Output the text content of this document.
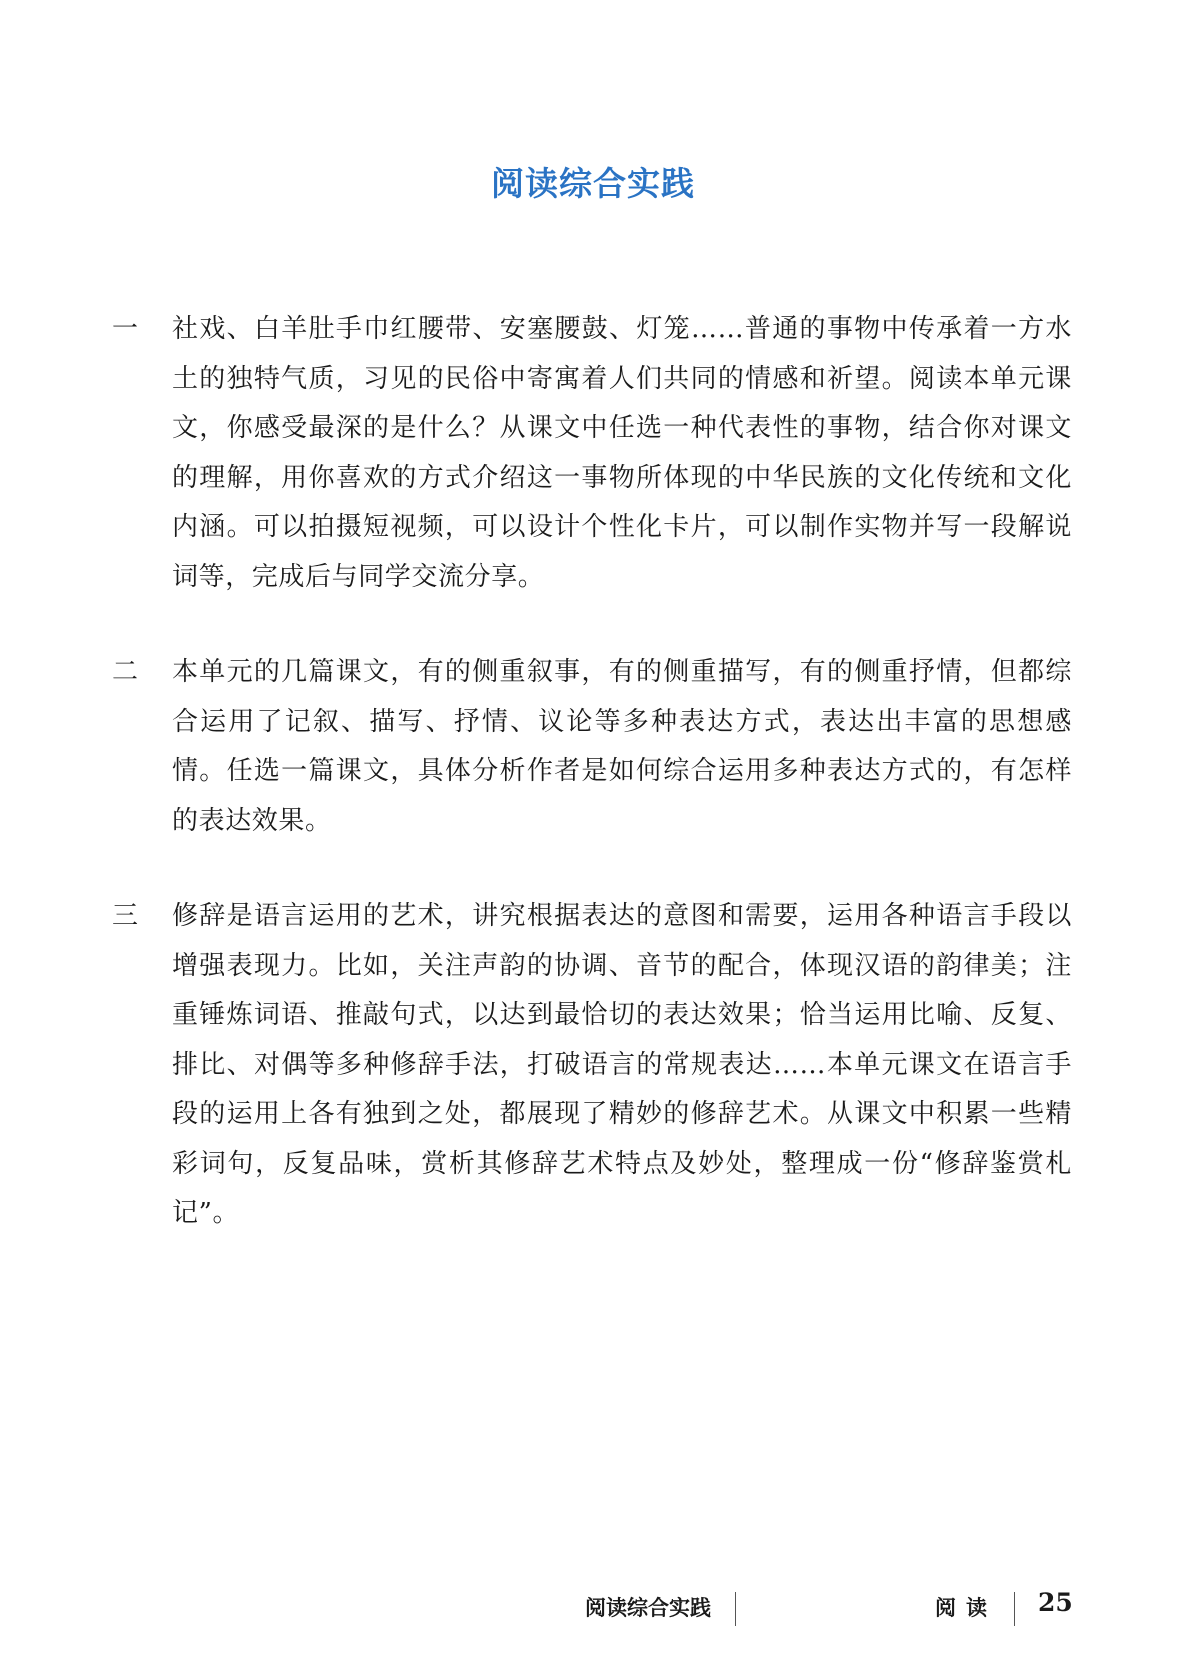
阅读综合实践
一	社戏、白羊肚手巾红腰带、安塞腰鼓、灯笼……普通的事物中传承着一方水土的独特气质，习见的民俗中寄寓着人们共同的情感和祈望。阅读本单元课文，你感受最深的是什么？从课文中任选一种代表性的事物，结合你对课文的理解，用你喜欢的方式介绍这一事物所体现的中华民族的文化传统和文化内涵。可以拍摄短视频，可以设计个性化卡片，可以制作实物并写一段解说词等，完成后与同学交流分享。

二	本单元的几篇课文，有的侧重叙事，有的侧重描写，有的侧重抒情，但都综合运用了记叙、描写、抒情、议论等多种表达方式，表达出丰富的思想感情。任选一篇课文，具体分析作者是如何综合运用多种表达方式的，有怎样的表达效果。

三	修辞是语言运用的艺术，讲究根据表达的意图和需要，运用各种语言手段以增强表现力。比如，关注声韵的协调、音节的配合，体现汉语的韵律美；注重锤炼词语、推敲句式，以达到最恰切的表达效果；恰当运用比喻、反复、排比、对偶等多种修辞手法，打破语言的常规表达……本单元课文在语言手段的运用上各有独到之处，都展现了精妙的修辞艺术。从课文中积累一些精彩词句，反复品味，赏析其修辞艺术特点及妙处，整理成一份“修辞鉴赏札记”。

阅读综合实践	阅读 25
